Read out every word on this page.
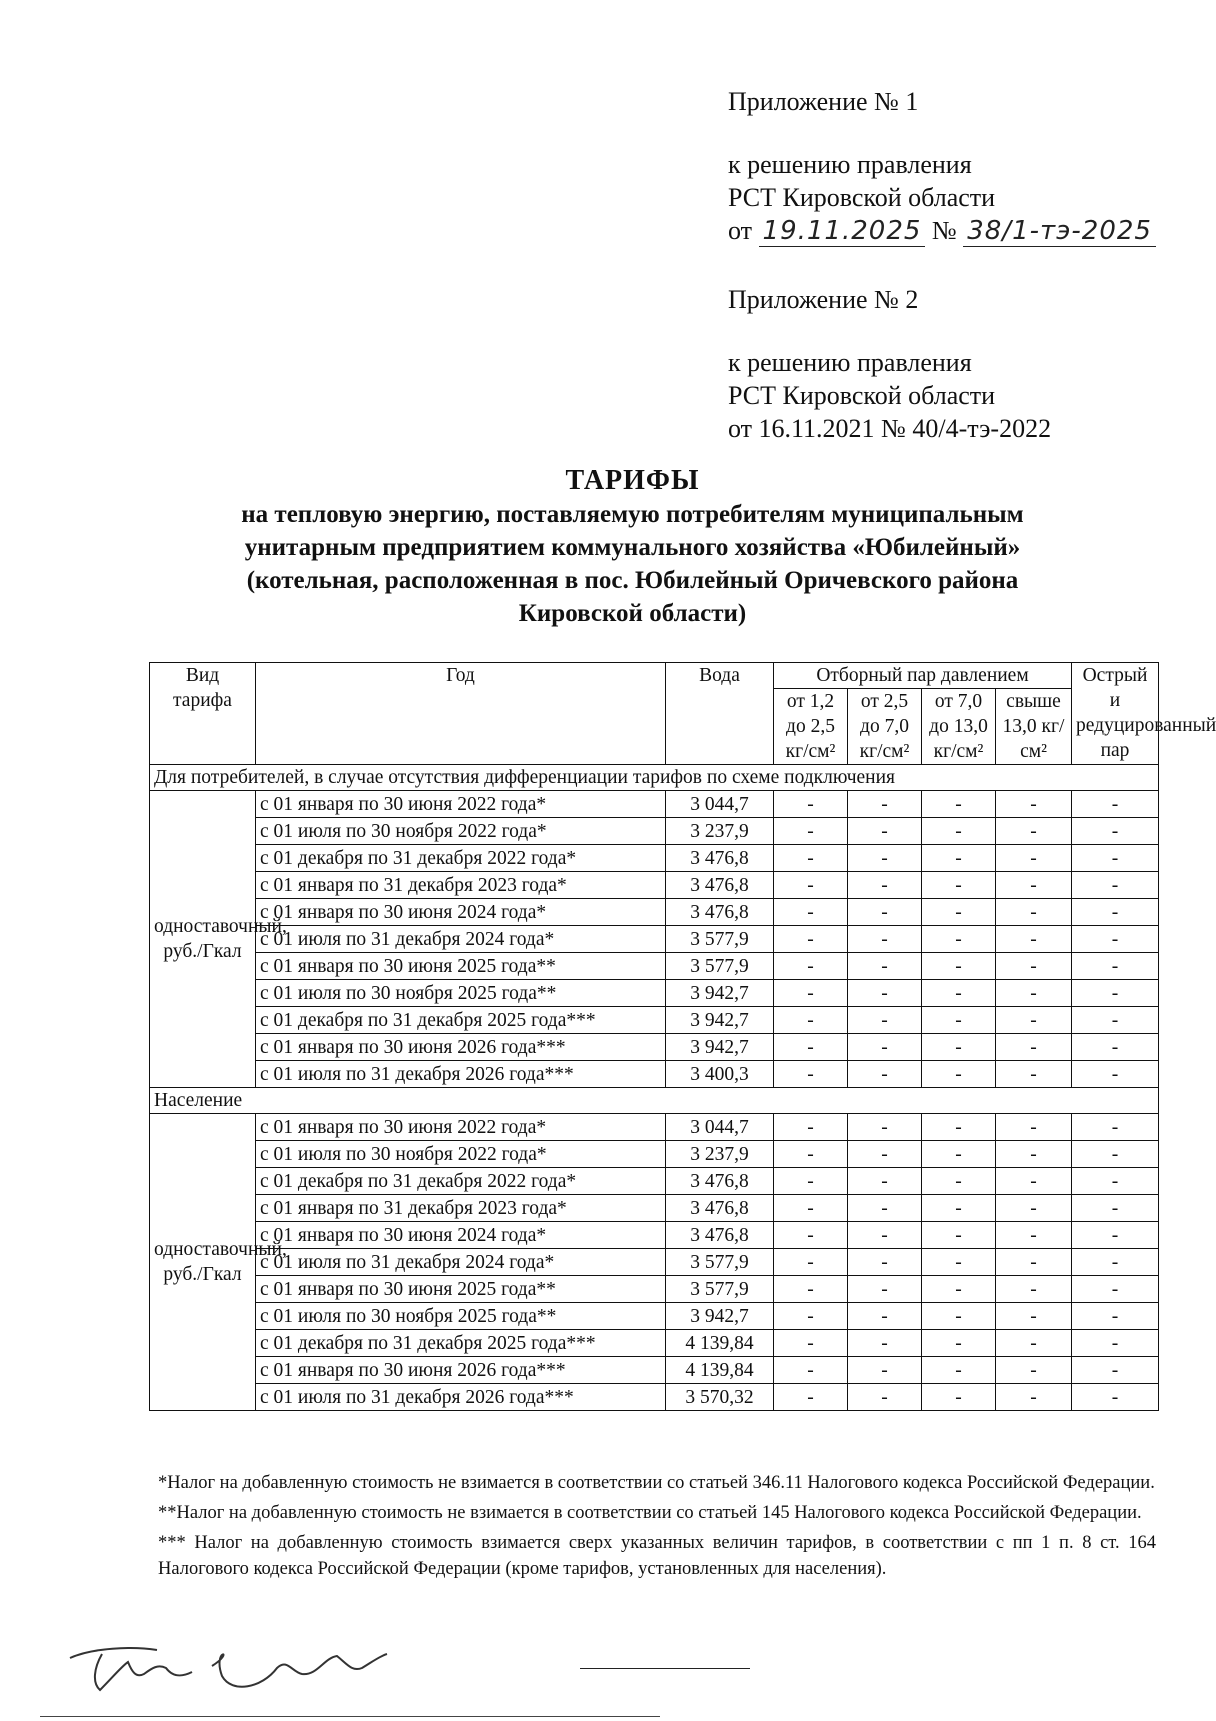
Приложение № 1

к решению правления

РСТ Кировской области

от 19.11.2025 № 38/1-тэ-2025

Приложение № 2

к решению правления

РСТ Кировской области

от 16.11.2021 № 40/4-тэ-2022

ТАРИФЫ
на тепловую энергию, поставляемую потребителям муниципальным
унитарным предприятием коммунального хозяйства «Юбилейный»
(котельная, расположенная в пос. Юбилейный Оричевского района
Кировской области)
Вид тарифа	Год	Вода	Отборный пар давлением				Острый и редуцированный пар
			от 1,2 до 2,5 кг/см²	от 2,5 до 7,0 кг/см²	от 7,0 до 13,0 кг/см²	свыше 13,0 кг/см²	
Для потребителей, в случае отсутствия дифференциации тарифов по схеме подключения							
одноставочный, руб./Гкал	с 01 января по 30 июня 2022 года*	3 044,7	-	-	-	-	-
	с 01 июля по 30 ноября 2022 года*	3 237,9	-	-	-	-	-
	с 01 декабря по 31 декабря 2022 года*	3 476,8	-	-	-	-	-
	с 01 января по 31 декабря 2023 года*	3 476,8	-	-	-	-	-
	с 01 января по 30 июня 2024 года*	3 476,8	-	-	-	-	-
	с 01 июля по 31 декабря 2024 года*	3 577,9	-	-	-	-	-
	с 01 января по 30 июня 2025 года**	3 577,9	-	-	-	-	-
	с 01 июля по 30 ноября 2025 года**	3 942,7	-	-	-	-	-
	с 01 декабря по 31 декабря 2025 года***	3 942,7	-	-	-	-	-
	с 01 января по 30 июня 2026 года***	3 942,7	-	-	-	-	-
	с 01 июля по 31 декабря 2026 года***	3 400,3	-	-	-	-	-
Население							
одноставочный, руб./Гкал	с 01 января по 30 июня 2022 года*	3 044,7	-	-	-	-	-
	с 01 июля по 30 ноября 2022 года*	3 237,9	-	-	-	-	-
	с 01 декабря по 31 декабря 2022 года*	3 476,8	-	-	-	-	-
	с 01 января по 31 декабря 2023 года*	3 476,8	-	-	-	-	-
	с 01 января по 30 июня 2024 года*	3 476,8	-	-	-	-	-
	с 01 июля по 31 декабря 2024 года*	3 577,9	-	-	-	-	-
	с 01 января по 30 июня 2025 года**	3 577,9	-	-	-	-	-
	с 01 июля по 30 ноября 2025 года**	3 942,7	-	-	-	-	-
	с 01 декабря по 31 декабря 2025 года***	4 139,84	-	-	-	-	-
	с 01 января по 30 июня 2026 года***	4 139,84	-	-	-	-	-
	с 01 июля по 31 декабря 2026 года***	3 570,32	-	-	-	-	-

*Налог на добавленную стоимость не взимается в соответствии со статьей 346.11 Налогового кодекса Российской Федерации.

**Налог на добавленную стоимость не взимается в соответствии со статьей 145 Налогового кодекса Российской Федерации.

*** Налог на добавленную стоимость взимается сверх указанных величин тарифов, в соответствии с пп 1 п. 8 ст. 164 Налогового кодекса Российской Федерации (кроме тарифов, установленных для населения).
